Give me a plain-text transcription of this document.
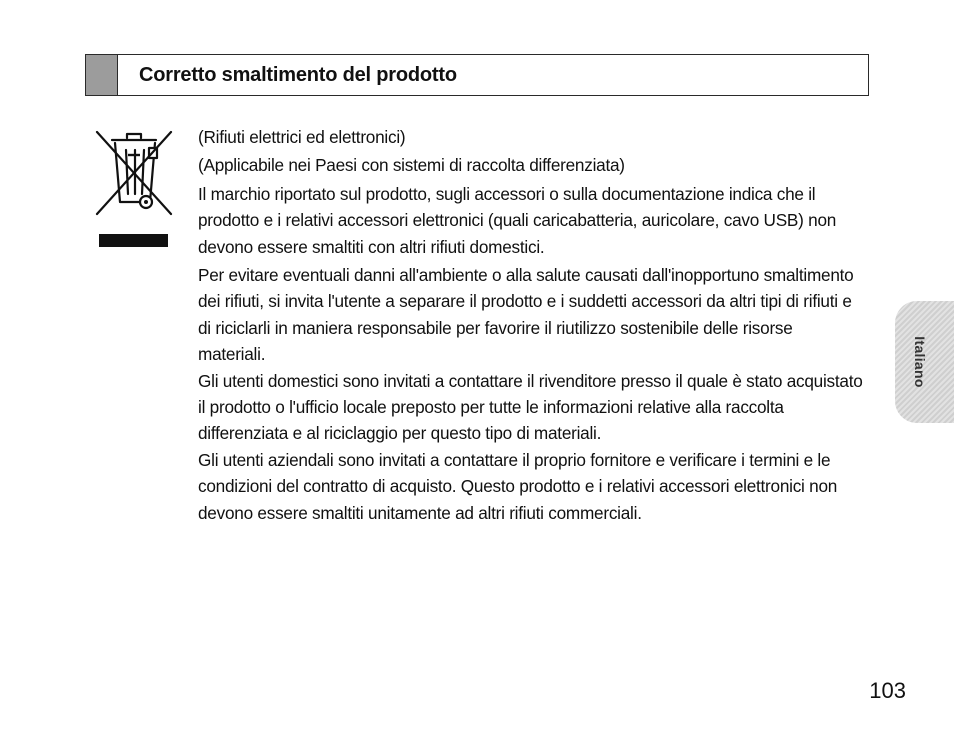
Corretto smaltimento del prodotto

(Rifiuti elettrici ed elettronici)

(Applicabile nei Paesi con sistemi di raccolta differenziata)

Il marchio riportato sul prodotto, sugli accessori o sulla documentazione indica che il prodotto e i relativi accessori elettronici (quali caricabatteria, auricolare, cavo USB) non devono essere smaltiti con altri rifiuti domestici.

Per evitare eventuali danni all'ambiente o alla salute causati dall'inopportuno smaltimento dei rifiuti, si invita l'utente a separare il prodotto e i suddetti accessori da altri tipi di rifiuti e di riciclarli in maniera responsabile per favorire il riutilizzo sostenibile delle risorse materiali.

Gli utenti domestici sono invitati a contattare il rivenditore presso il quale è stato acquistato il prodotto o l'ufficio locale preposto per tutte le informazioni relative alla raccolta differenziata e al riciclaggio per questo tipo di materiali.

Gli utenti aziendali sono invitati a contattare il proprio fornitore e verificare i termini e le condizioni del contratto di acquisto. Questo prodotto e i relativi accessori elettronici non devono essere smaltiti unitamente ad altri rifiuti commerciali.

Italiano
103
